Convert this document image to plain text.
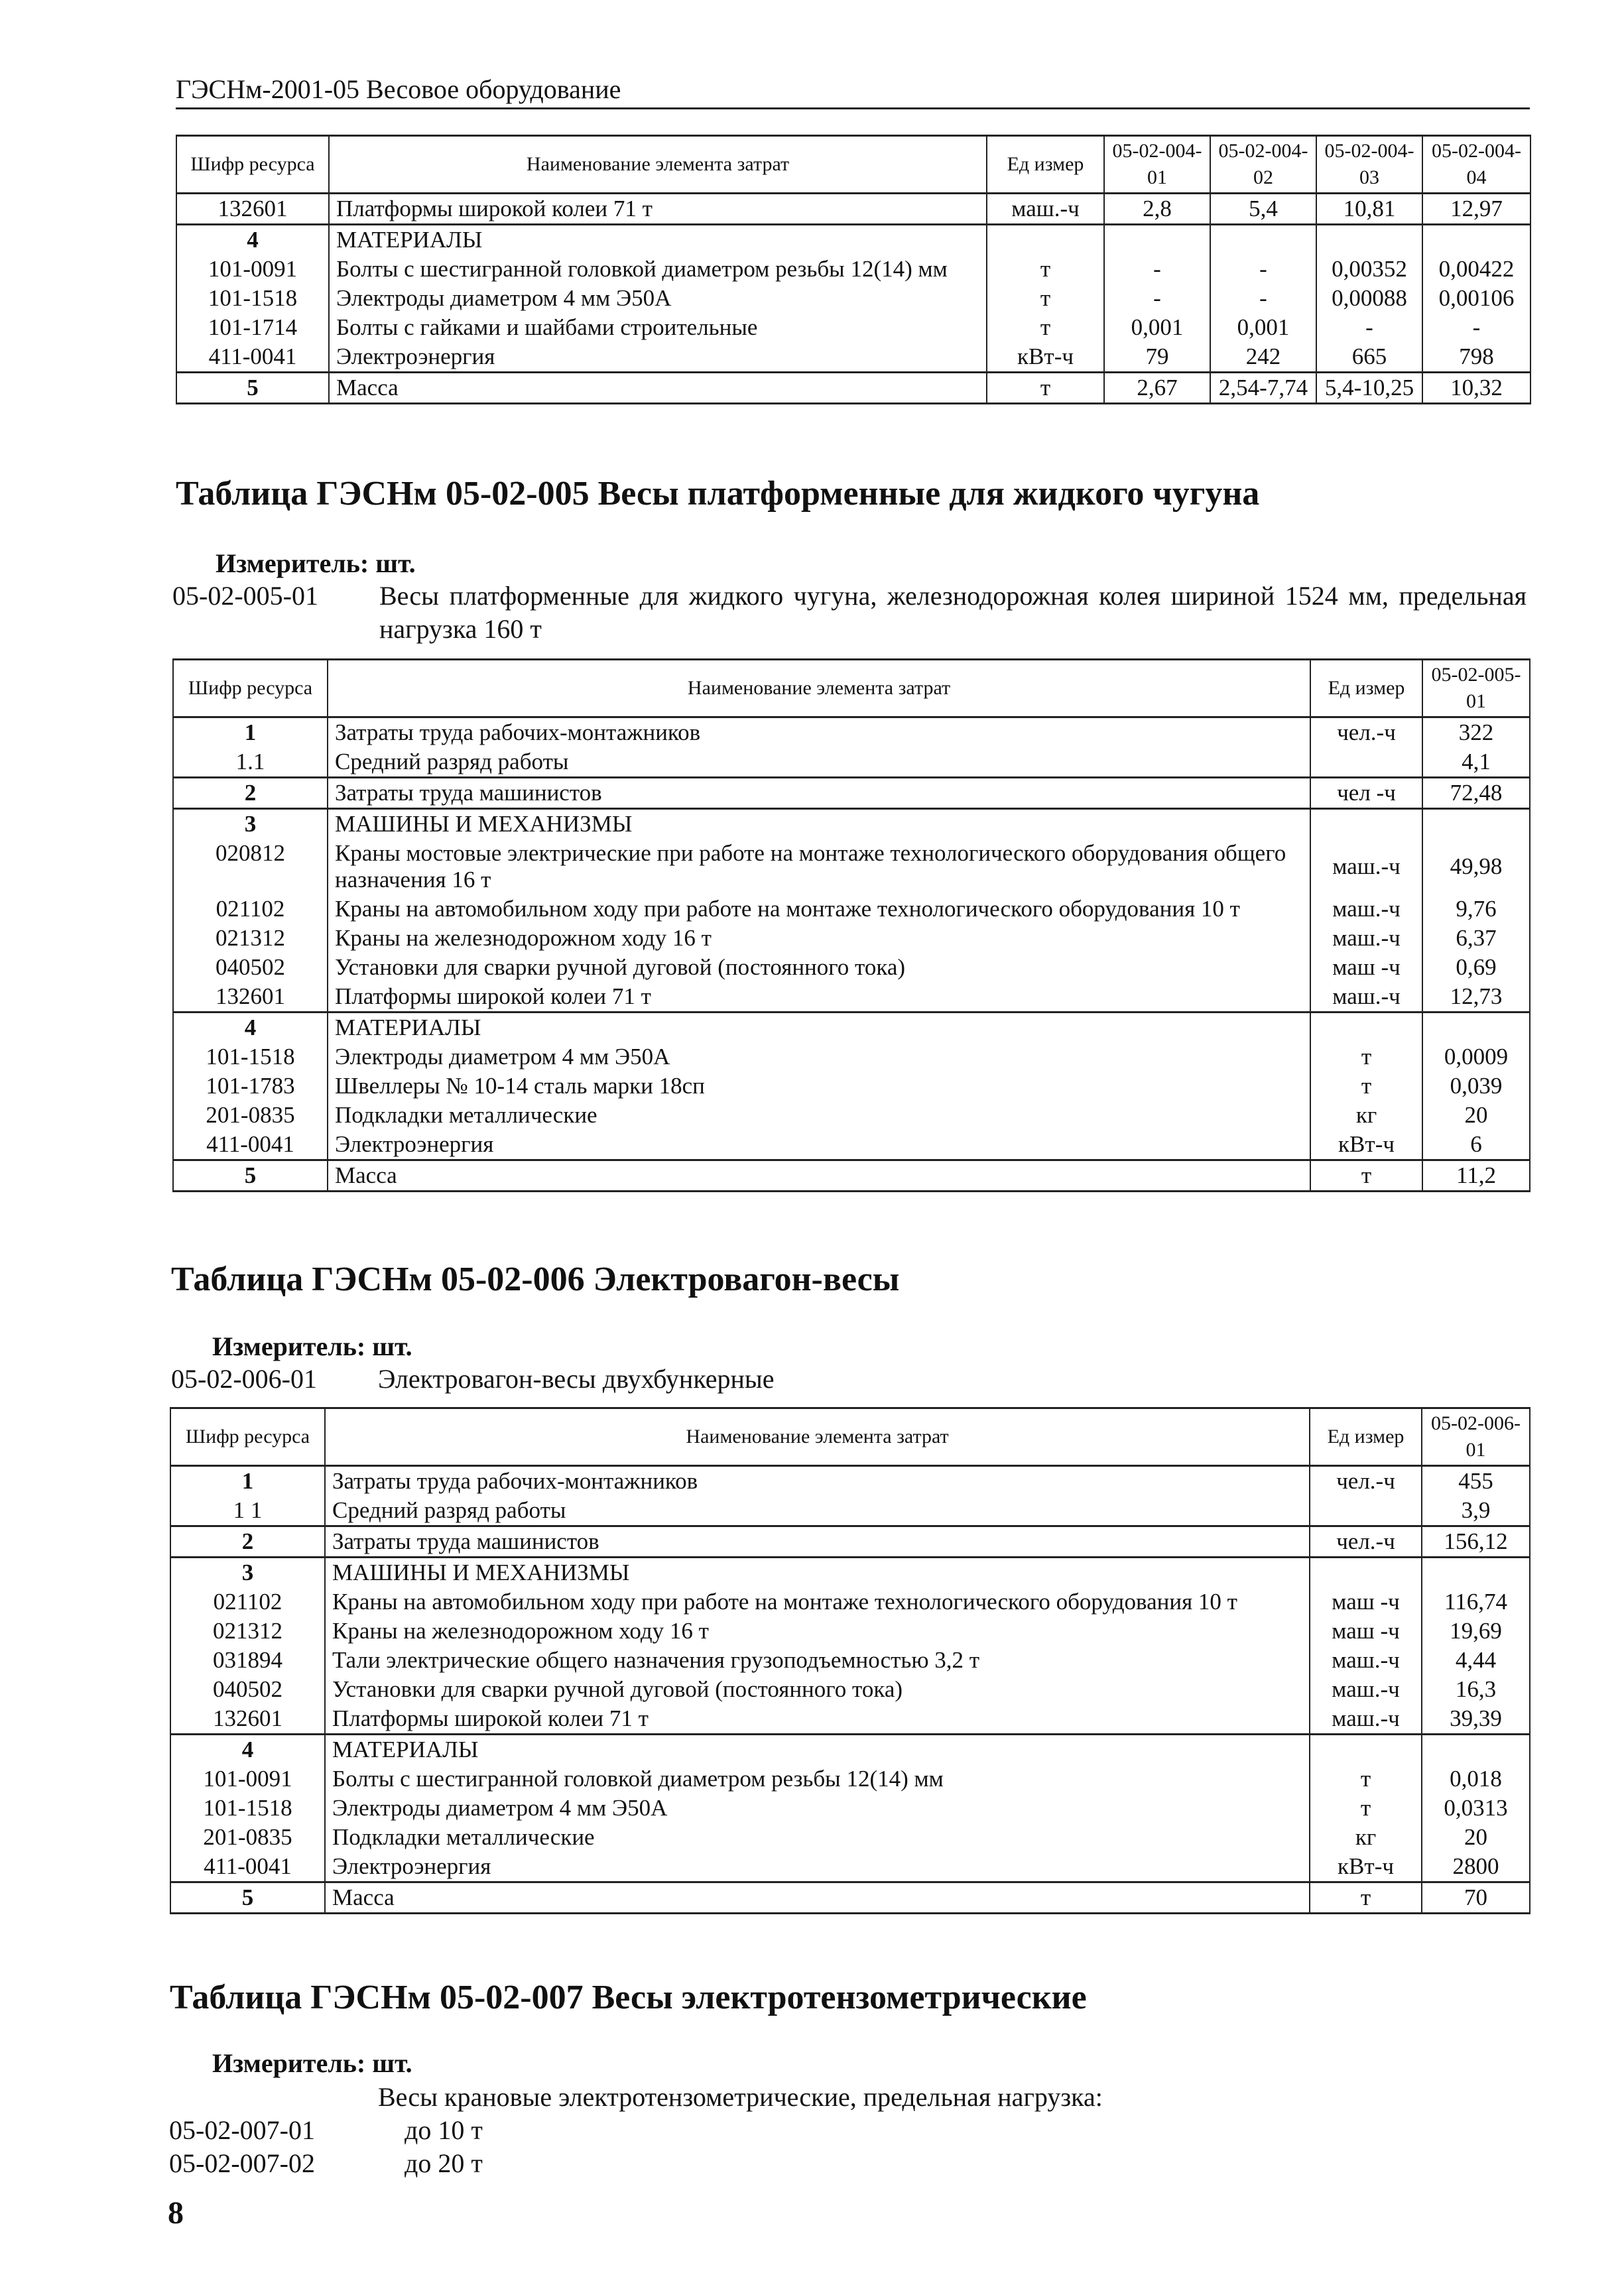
ГЭСНм-2001-05 Весовое оборудование
Шифр ресурса	Наименование элемента затрат	Ед измер	05-02-004-01	05-02-004-02	05-02-004-03	05-02-004-04
132601	Платформы широкой колеи 71 т	маш.-ч	2,8	5,4	10,81	12,97
4	МАТЕРИАЛЫ					
101-0091	Болты с шестигранной головкой диаметром резьбы 12(14) мм	т	-	-	0,00352	0,00422
101-1518	Электроды диаметром 4 мм Э50А	т	-	-	0,00088	0,00106
101-1714	Болты с гайками и шайбами строительные	т	0,001	0,001	-	-
411-0041	Электроэнергия	кВт-ч	79	242	665	798
5	Масса	т	2,67	2,54-7,74	5,4-10,25	10,32
Таблица ГЭСНм 05-02-005 Весы платформенные для жидкого чугуна
Измеритель: шт.
05-02-005-01 Весы платформенные для жидкого чугуна, железнодорожная колея шириной 1524 мм, предельная нагрузка 160 т
Шифр ресурса	Наименование элемента затрат	Ед измер	05-02-005-01
1	Затраты труда рабочих-монтажников	чел.-ч	322
1.1	Средний разряд работы		4,1
2	Затраты труда машинистов	чел -ч	72,48
3	МАШИНЫ И МЕХАНИЗМЫ		
020812	Краны мостовые электрические при работе на монтаже технологического оборудования общего назначения 16 т	маш.-ч	49,98
021102	Краны на автомобильном ходу при работе на монтаже технологического оборудования 10 т	маш.-ч	9,76
021312	Краны на железнодорожном ходу 16 т	маш.-ч	6,37
040502	Установки для сварки ручной дуговой (постоянного тока)	маш -ч	0,69
132601	Платформы широкой колеи 71 т	маш.-ч	12,73
4	МАТЕРИАЛЫ		
101-1518	Электроды диаметром 4 мм Э50А	т	0,0009
101-1783	Швеллеры № 10-14 сталь марки 18сп	т	0,039
201-0835	Подкладки металлические	кг	20
411-0041	Электроэнергия	кВт-ч	6
5	Масса	т	11,2
Таблица ГЭСНм 05-02-006 Электровагон-весы
Измеритель: шт.
05-02-006-01 Электровагон-весы двухбункерные
Шифр ресурса	Наименование элемента затрат	Ед измер	05-02-006-01
1	Затраты труда рабочих-монтажников	чел.-ч	455
1 1	Средний разряд работы		3,9
2	Затраты труда машинистов	чел.-ч	156,12
3	МАШИНЫ И МЕХАНИЗМЫ		
021102	Краны на автомобильном ходу при работе на монтаже технологического оборудования 10 т	маш -ч	116,74
021312	Краны на железнодорожном ходу 16 т	маш -ч	19,69
031894	Тали электрические общего назначения грузоподъемностью 3,2 т	маш.-ч	4,44
040502	Установки для сварки ручной дуговой (постоянного тока)	маш.-ч	16,3
132601	Платформы широкой колеи 71 т	маш.-ч	39,39
4	МАТЕРИАЛЫ		
101-0091	Болты с шестигранной головкой диаметром резьбы 12(14) мм	т	0,018
101-1518	Электроды диаметром 4 мм Э50А	т	0,0313
201-0835	Подкладки металлические	кг	20
411-0041	Электроэнергия	кВт-ч	2800
5	Масса	т	70
Таблица ГЭСНм 05-02-007 Весы электротензометрические
Измеритель: шт.
Весы крановые электротензометрические, предельная нагрузка:
05-02-007-01	до 10 т
05-02-007-02	до 20 т
8
